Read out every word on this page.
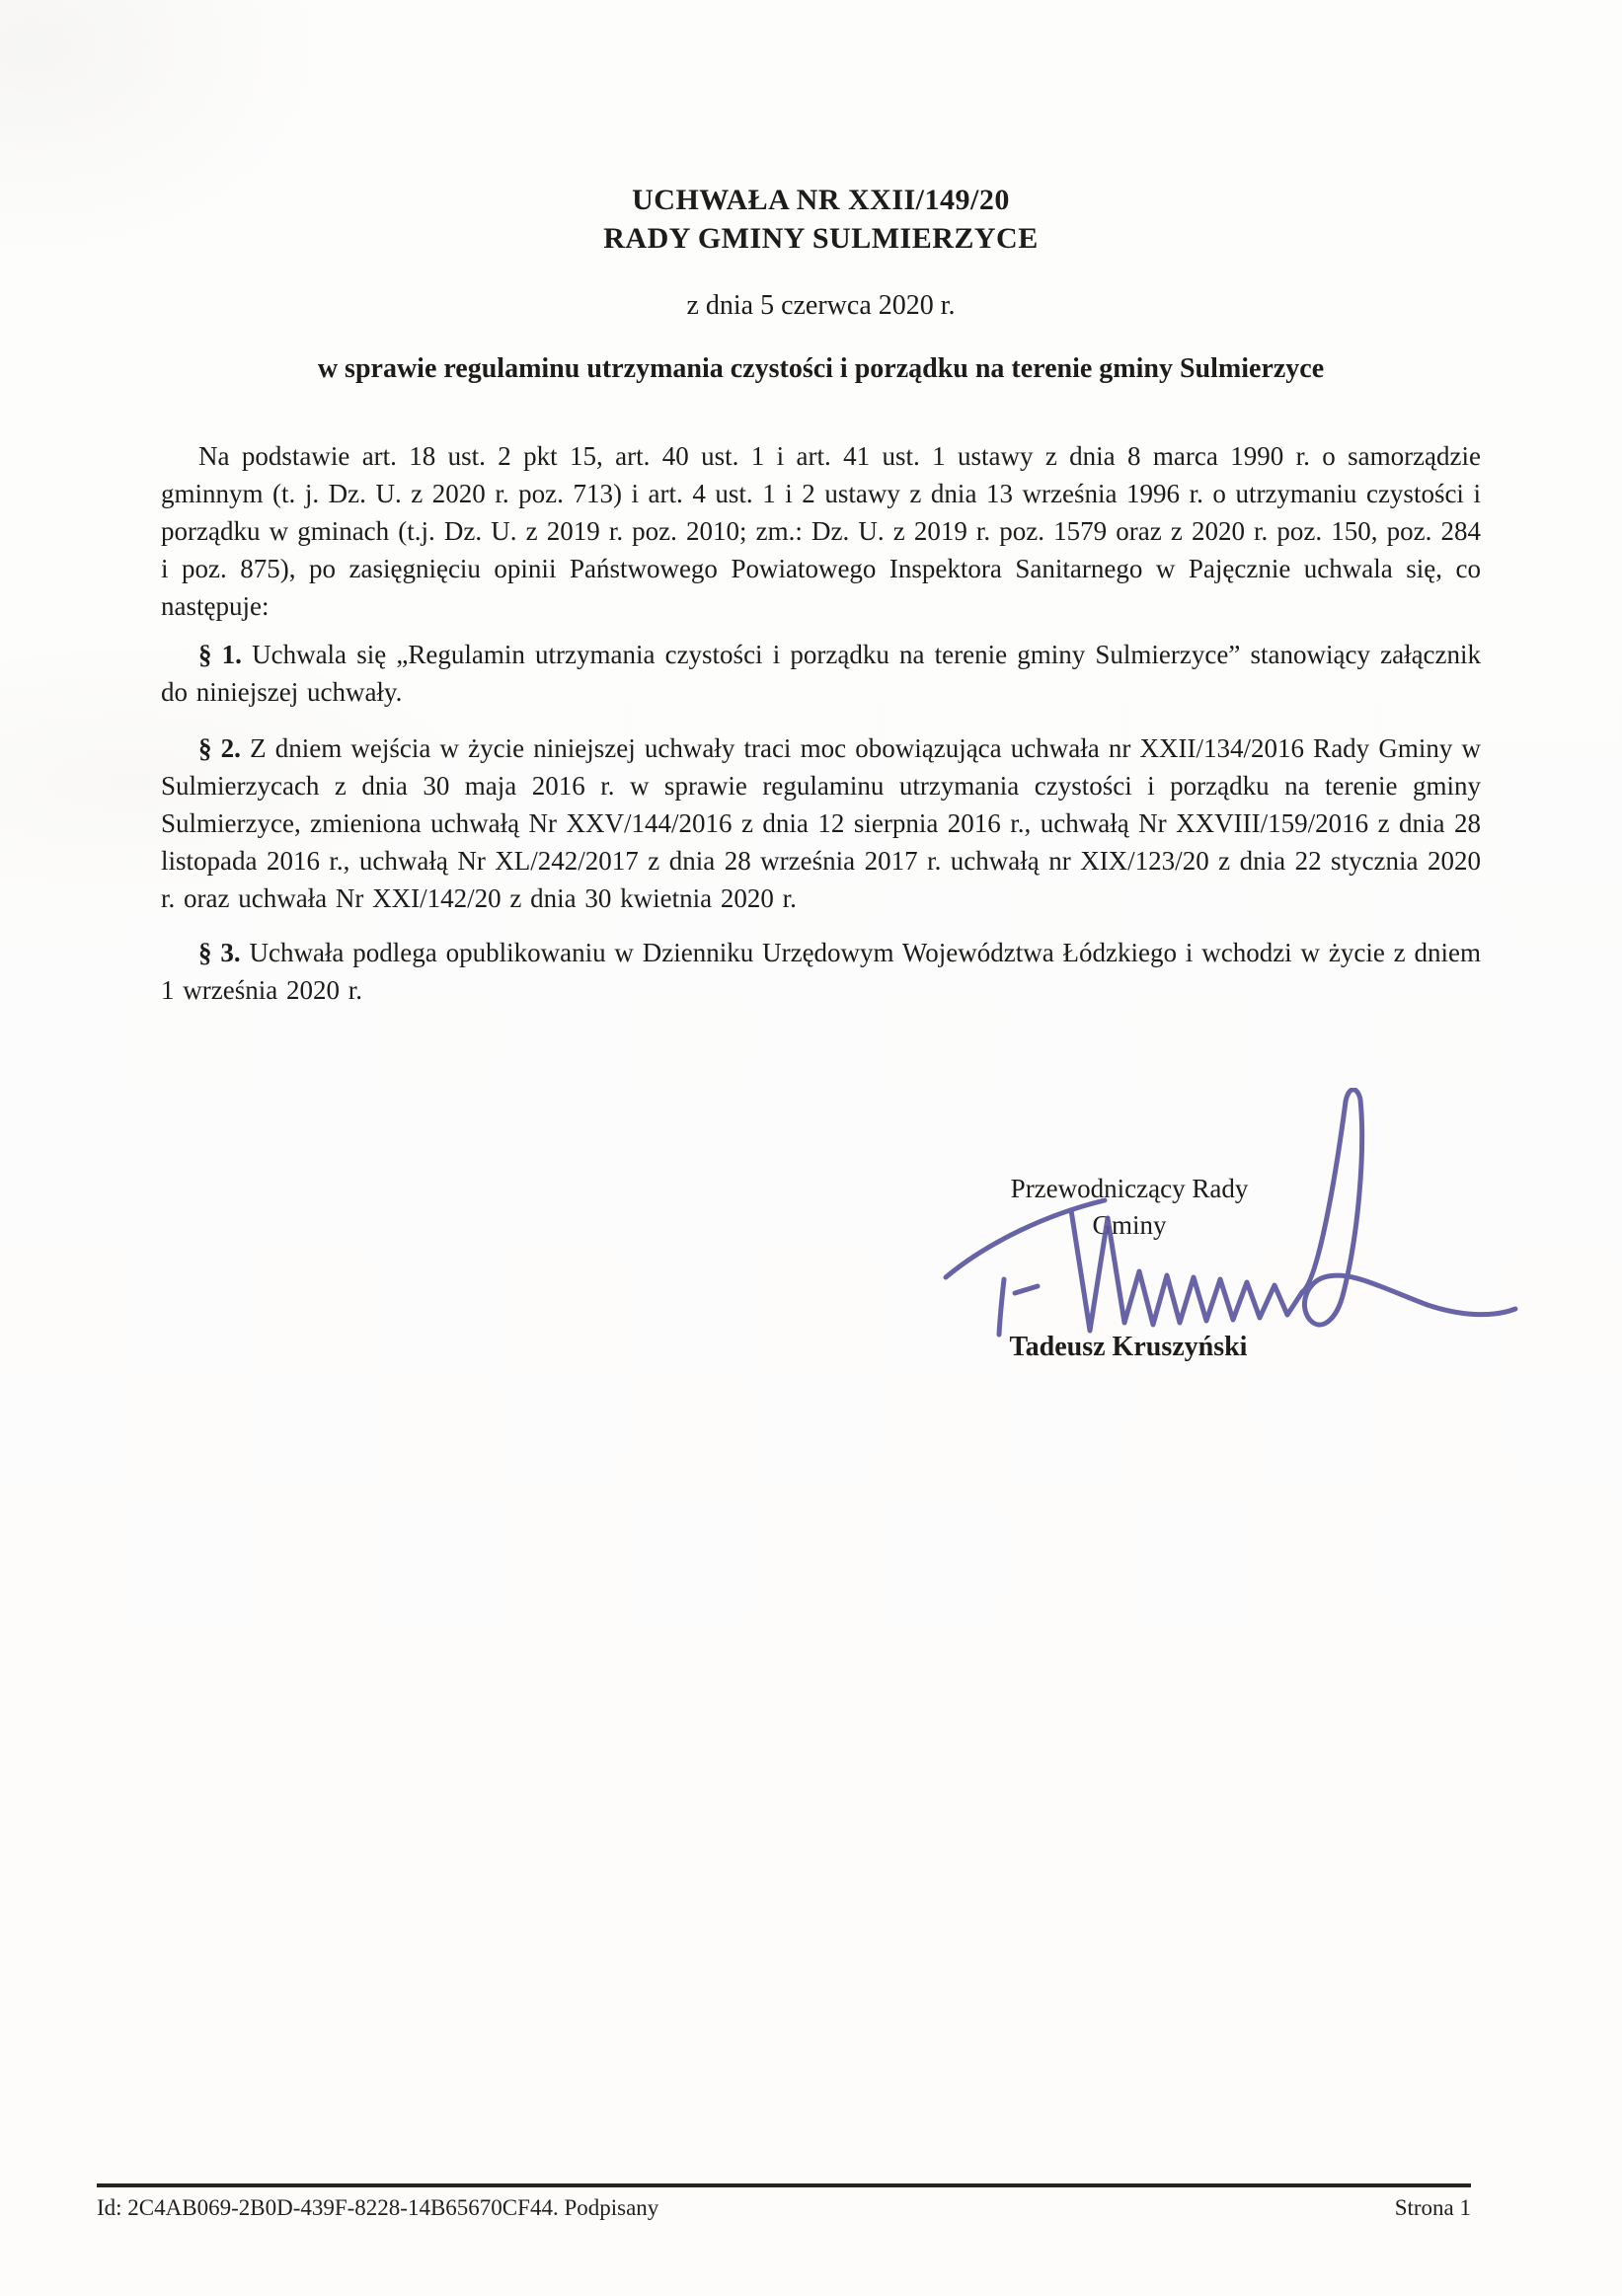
UCHWAŁA NR XXII/149/20
RADY GMINY SULMIERZYCE
z dnia 5 czerwca 2020 r.
w sprawie regulaminu utrzymania czystości i porządku na terenie gminy Sulmierzyce

Na podstawie art. 18 ust. 2 pkt 15, art. 40 ust. 1 i art. 41 ust. 1 ustawy z dnia 8 marca 1990 r. o samorządzie gminnym (t. j. Dz. U. z 2020 r. poz. 713) i art. 4 ust. 1 i 2 ustawy z dnia 13 września 1996 r. o utrzymaniu czystości i porządku w gminach (t.j. Dz. U. z 2019 r. poz. 2010; zm.: Dz. U. z 2019 r. poz. 1579 oraz z 2020 r. poz. 150, poz. 284 i poz. 875), po zasięgnięciu opinii Państwowego Powiatowego Inspektora Sanitarnego w Pajęcznie uchwala się, co następuje:

§ 1. Uchwala się „Regulamin utrzymania czystości i porządku na terenie gminy Sulmierzyce” stanowiący załącznik do niniejszej uchwały.

§ 2. Z dniem wejścia w życie niniejszej uchwały traci moc obowiązująca uchwała nr XXII/134/2016 Rady Gminy w Sulmierzycach z dnia 30 maja 2016 r. w sprawie regulaminu utrzymania czystości i porządku na terenie gminy Sulmierzyce, zmieniona uchwałą Nr XXV/144/2016 z dnia 12 sierpnia 2016 r., uchwałą Nr XXVIII/159/2016 z dnia 28 listopada 2016 r., uchwałą Nr XL/242/2017 z dnia 28 września 2017 r. uchwałą nr XIX/123/20 z dnia 22 stycznia 2020 r. oraz uchwała Nr XXI/142/20 z dnia 30 kwietnia 2020 r.

§ 3. Uchwała podlega opublikowaniu w Dzienniku Urzędowym Województwa Łódzkiego i wchodzi w życie z dniem 1 września 2020 r.

Przewodniczący Rady
Gminy
Tadeusz Kruszyński
Id: 2C4AB069-2B0D-439F-8228-14B65670CF44. Podpisany	Strona 1
